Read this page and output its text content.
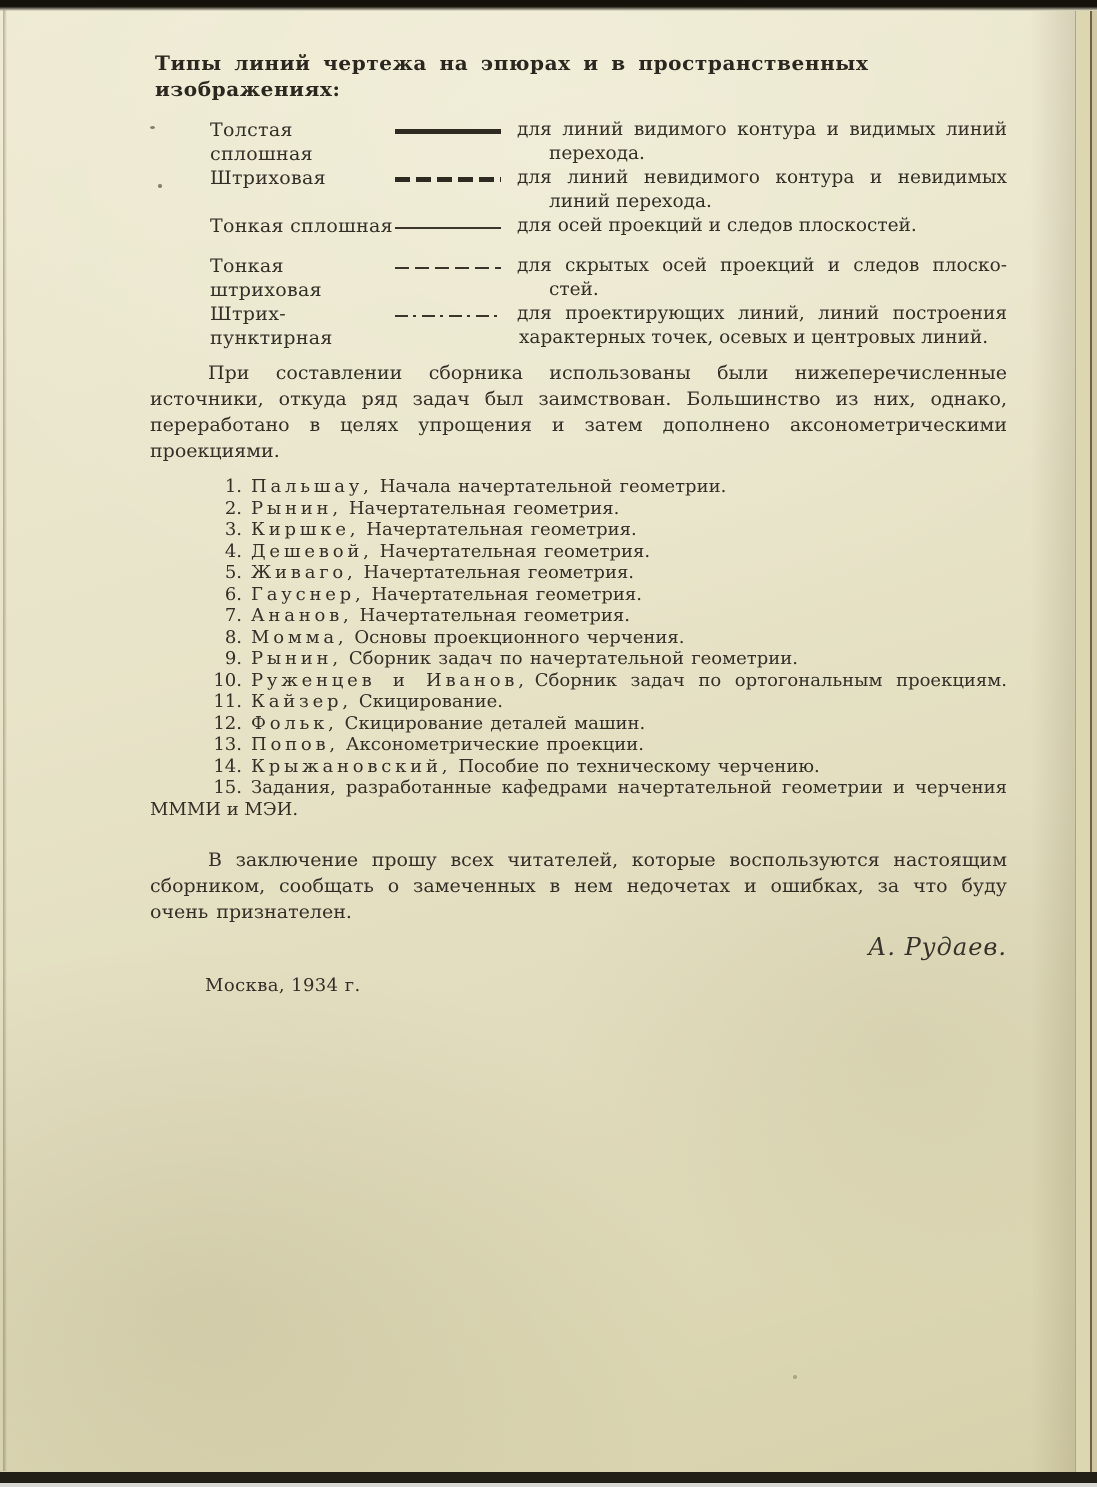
Типы линий чертежа на эпюрах и в пространственных изображениях:
Толстая сплошная
для линий видимого контура и видимых линий
перехода.
Штриховая	для линий невидимого контура и невидимых
линий перехода.
Тонкая сплошная	для осей проекций и следов плоскостей.
Тонкая штриховая
для скрытых осей проекций и следов плоско-
стей.
Штрих-пунктирная
для проектирующих линий, линий построения
характерных точек, осевых и центровых линий.

При составлении сборника использованы были нижеперечисленные источники, откуда ряд задач был заимствован. Большинство из них, однако, переработано в целях упрощения и затем дополнено аксонометрическими проекциями.

1. Пальшау, Начала начертательной геометрии.
2. Рынин, Начертательная геометрия.
3. Киршке, Начертательная геометрия.
4. Дешевой, Начертательная геометрия.
5. Живаго, Начертательная геометрия.
6. Гауснер, Начертательная геометрия.
7. Ананов, Начертательная геометрия.
8. Момма, Основы проекционного черчения.
9. Рынин, Сборник задач по начертательной геометрии.
10. Руженцев и Иванов, Сборник задач по ортогональным проекциям.
11. Кайзер, Скицирование.
12. Фольк, Скицирование деталей машин.
13. Попов, Аксонометрические проекции.
14. Крыжановский, Пособие по техническому черчению.
15. Задания, разработанные кафедрами начертательной геометрии и черчения
МММИ и МЭИ.

В заключение прошу всех читателей, которые воспользуются настоящим сборником, сообщать о замеченных в нем недочетах и ошибках, за что буду очень признателен.

А. Рудаев.
Москва, 1934 г.
